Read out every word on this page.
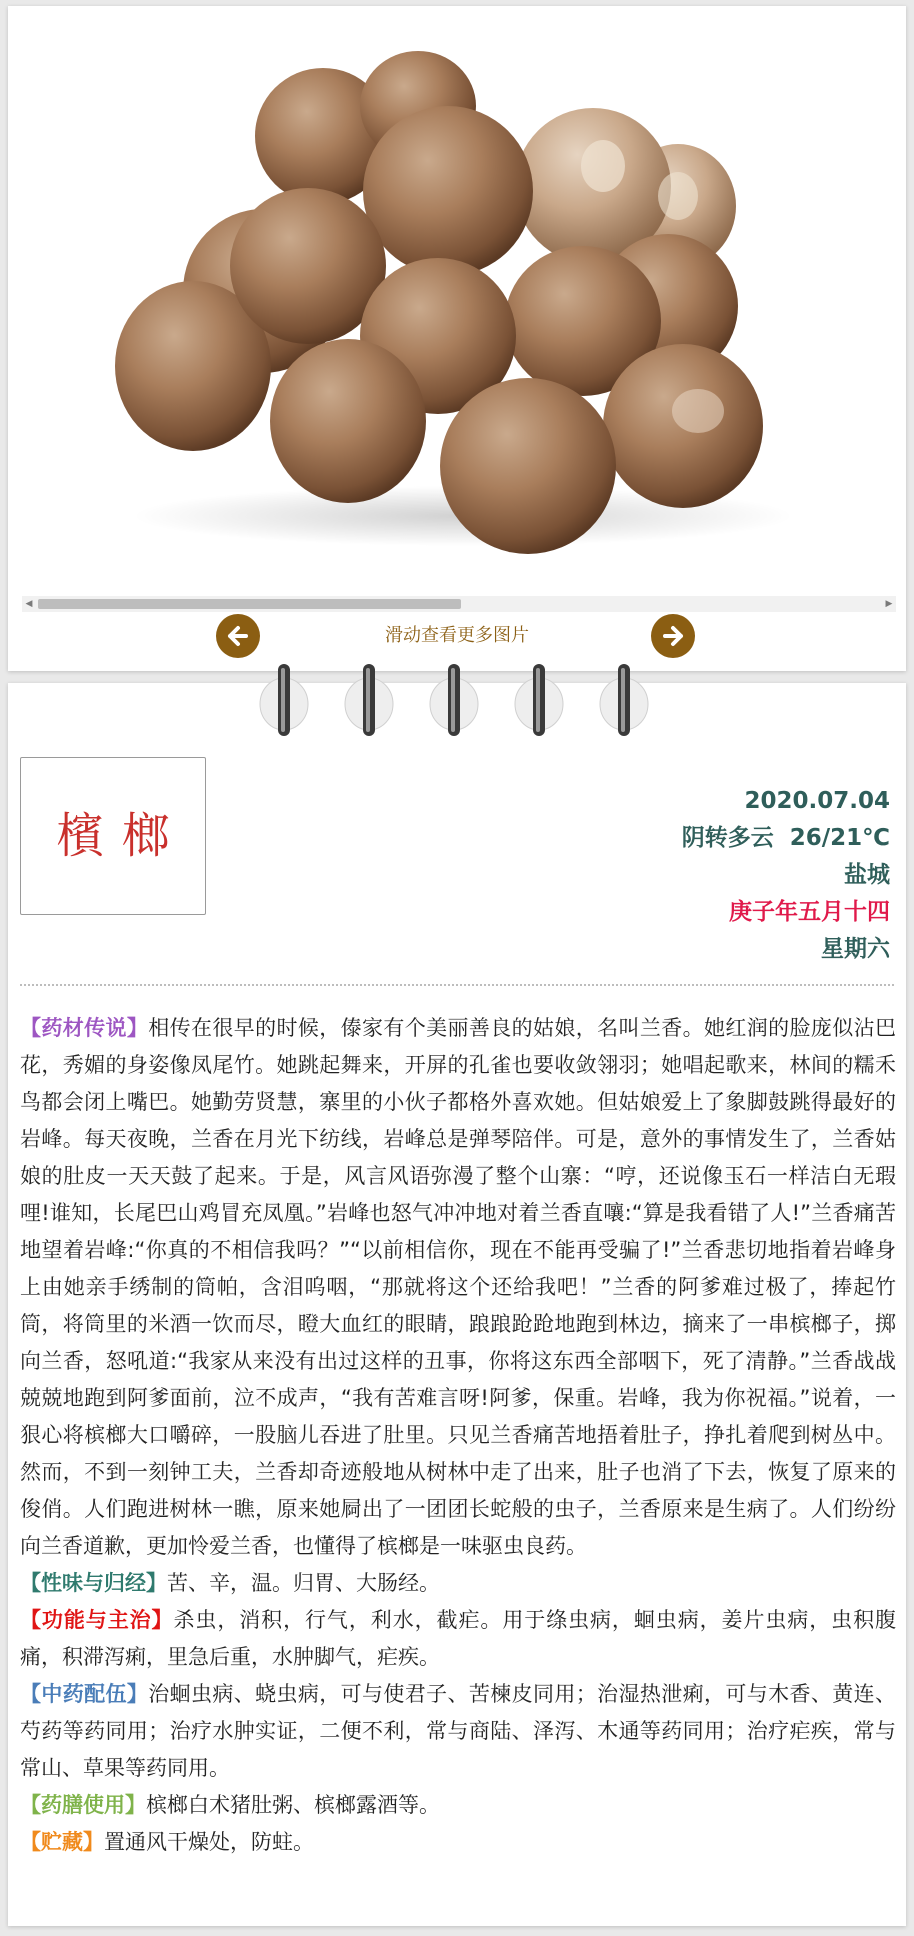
◀	▶
滑动查看更多图片
檳榔
2020.07.04
阴转多云  26/21℃
盐城
庚子年五月十四
星期六

【药材传说】相传在很早的时候，傣家有个美丽善良的姑娘，名叫兰香。她红润的脸庞似沾巴花，秀媚的身姿像凤尾竹。她跳起舞来，开屏的孔雀也要收敛翎羽；她唱起歌来，林间的糯禾鸟都会闭上嘴巴。她勤劳贤慧，寨里的小伙子都格外喜欢她。但姑娘爱上了象脚鼓跳得最好的岩峰。每天夜晚，兰香在月光下纺线，岩峰总是弹琴陪伴。可是，意外的事情发生了，兰香姑娘的肚皮一天天鼓了起来。于是，风言风语弥漫了整个山寨：“哼，还说像玉石一样洁白无瑕哩!谁知，长尾巴山鸡冒充凤凰。”岩峰也怒气冲冲地对着兰香直嚷:“算是我看错了人!”兰香痛苦地望着岩峰:“你真的不相信我吗？”“以前相信你，现在不能再受骗了!”兰香悲切地指着岩峰身上由她亲手绣制的筒帕，含泪呜咽，“那就将这个还给我吧！”兰香的阿爹难过极了，捧起竹筒，将筒里的米酒一饮而尽，瞪大血红的眼睛，踉踉跄跄地跑到林边，摘来了一串槟榔子，掷向兰香，怒吼道:“我家从来没有出过这样的丑事，你将这东西全部咽下，死了清静。”兰香战战兢兢地跑到阿爹面前，泣不成声，“我有苦难言呀!阿爹，保重。岩峰，我为你祝福。”说着，一狠心将槟榔大口嚼碎，一股脑儿吞进了肚里。只见兰香痛苦地捂着肚子，挣扎着爬到树丛中。然而，不到一刻钟工夫，兰香却奇迹般地从树林中走了出来，肚子也消了下去，恢复了原来的俊俏。人们跑进树林一瞧，原来她屙出了一团团长蛇般的虫子，兰香原来是生病了。人们纷纷向兰香道歉，更加怜爱兰香，也懂得了槟榔是一味驱虫良药。

【性味与归经】苦、辛，温。归胃、大肠经。

【功能与主治】杀虫，消积，行气，利水，截疟。用于绦虫病，蛔虫病，姜片虫病，虫积腹痛，积滞泻痢，里急后重，水肿脚气，疟疾。

【中药配伍】治蛔虫病、蛲虫病，可与使君子、苦楝皮同用；治湿热泄痢，可与木香、黄连、芍药等药同用；治疗水肿实证，二便不利，常与商陆、泽泻、木通等药同用；治疗疟疾，常与常山、草果等药同用。

【药膳使用】槟榔白术猪肚粥、槟榔露酒等。

【贮藏】置通风干燥处，防蛀。
